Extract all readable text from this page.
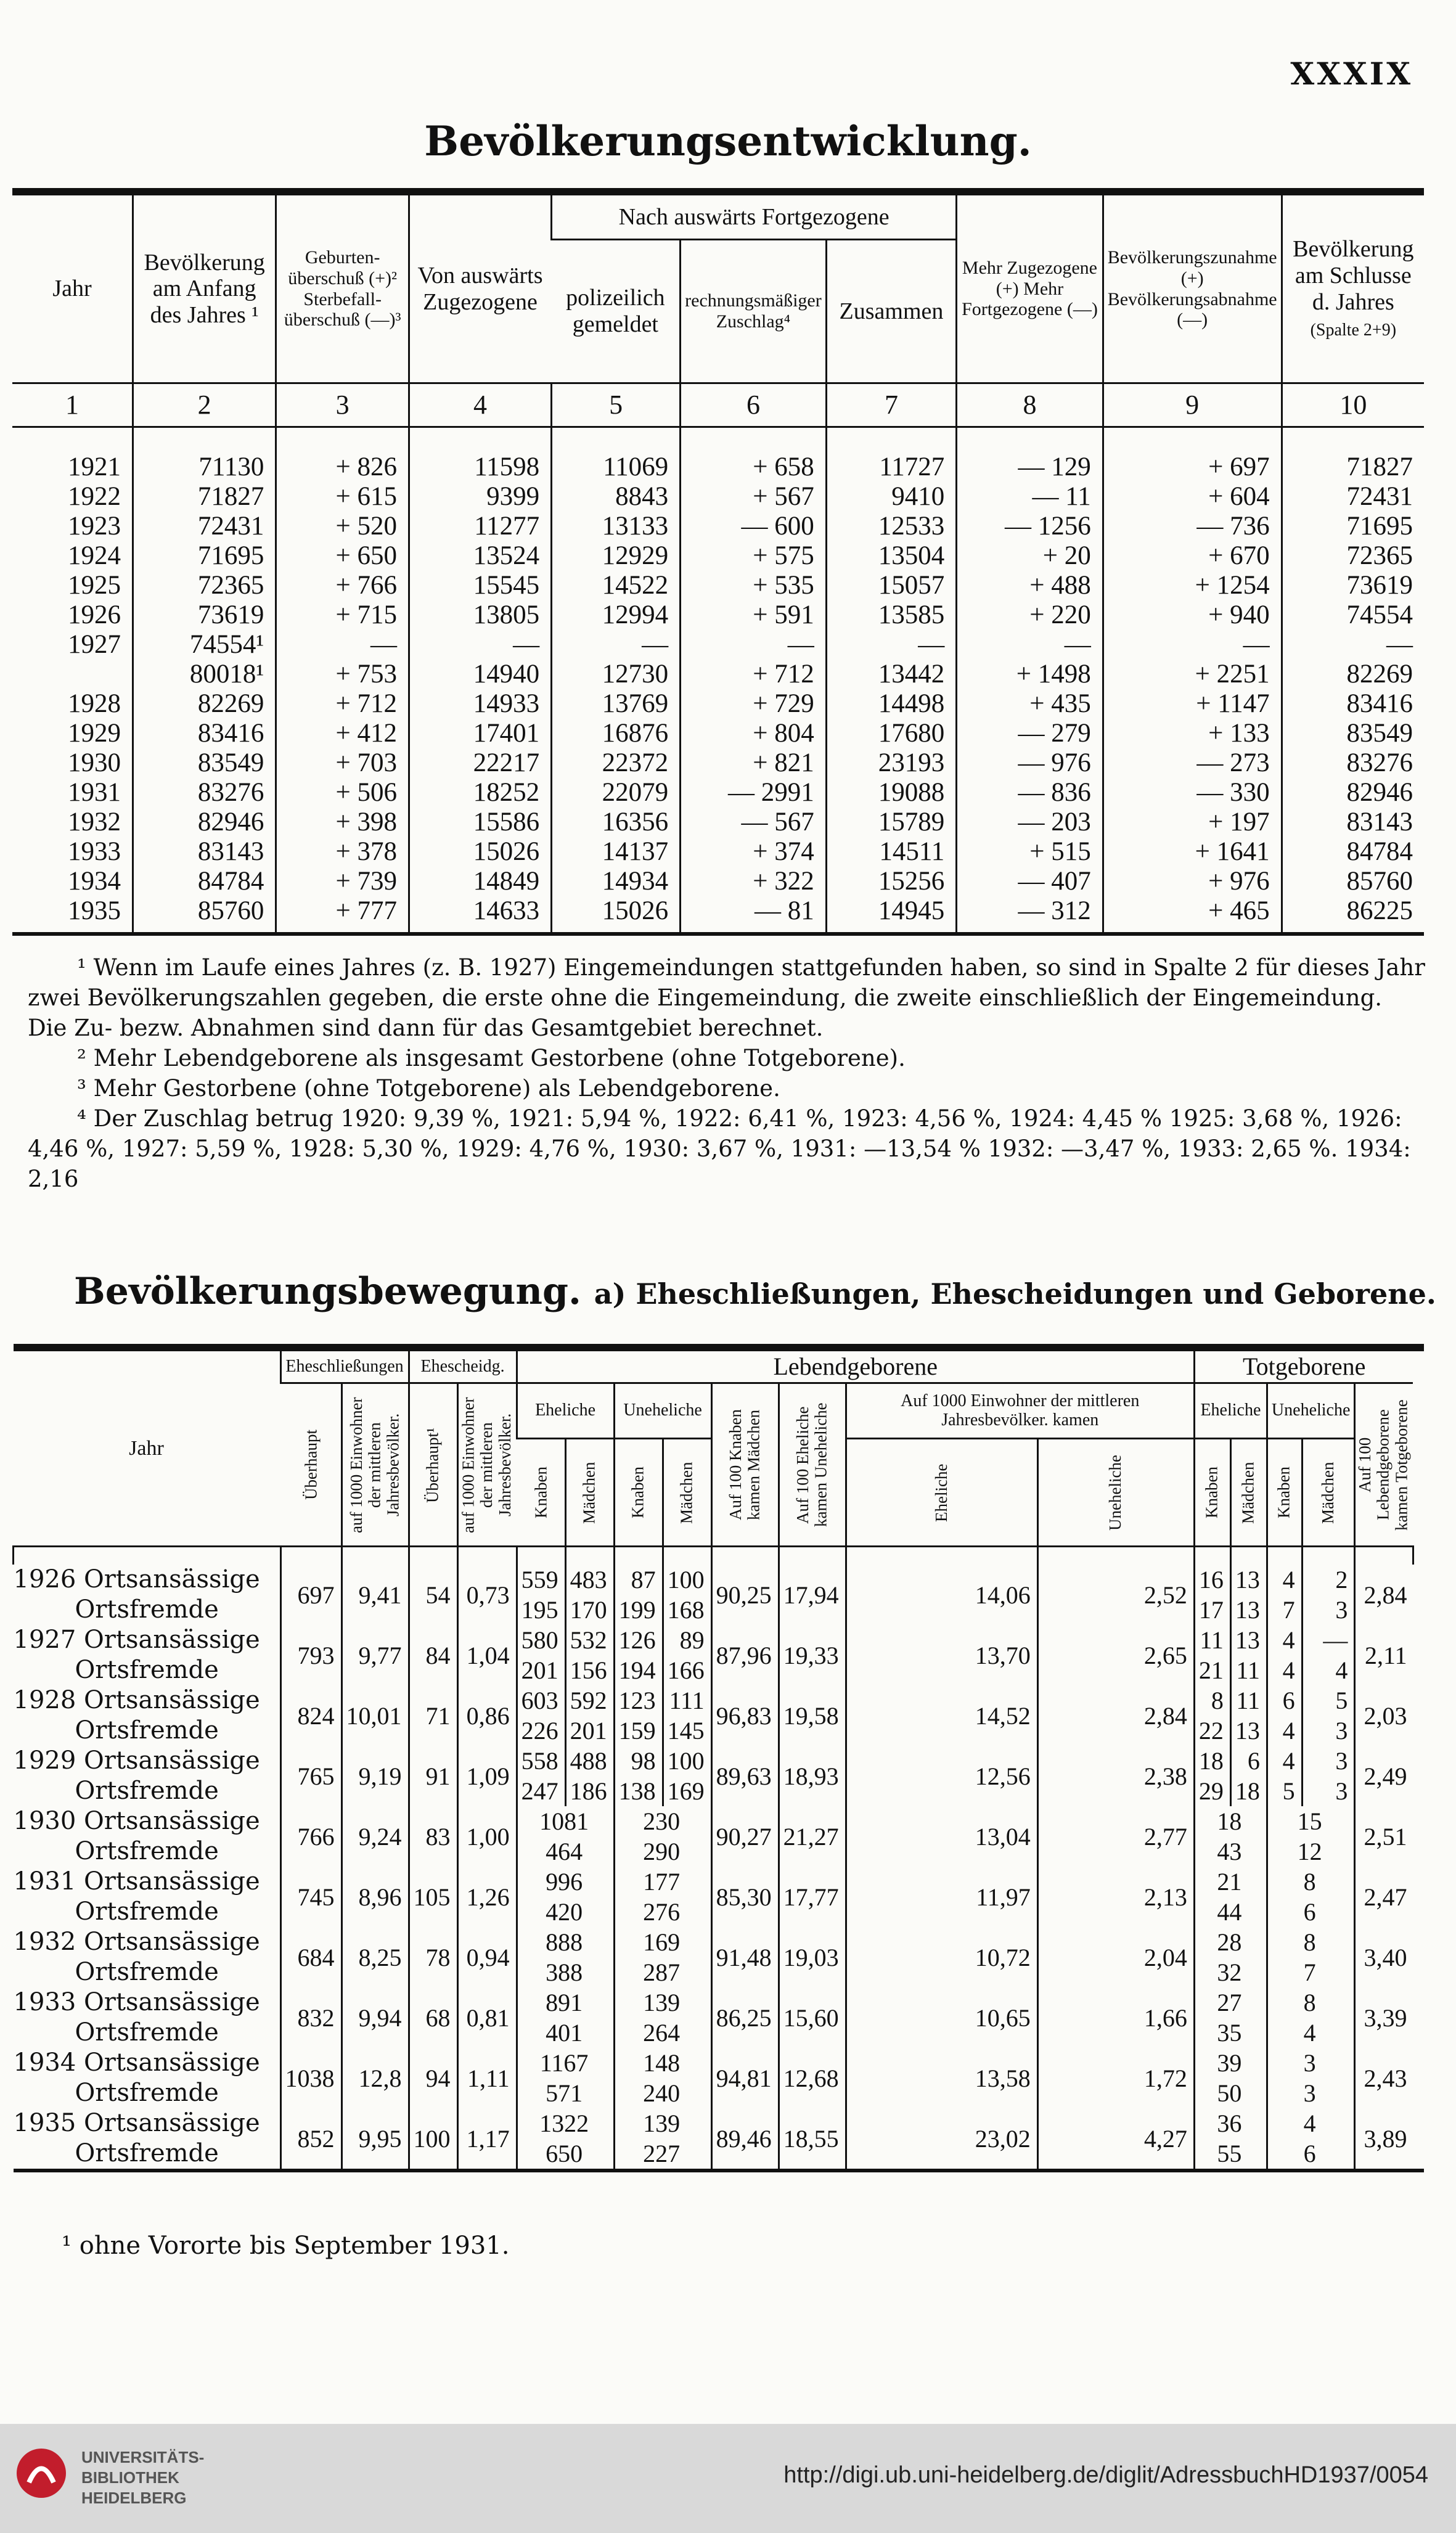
XXXIX
Bevölkerungsentwicklung.
Jahr	Bevölkerung am Anfang des Jahres ¹	Geburten-überschuß (+)² Sterbefall-überschuß (—)³	Von auswärts Zugezogene	Nach auswärts Fortgezogene			Mehr Zugezogene (+) Mehr Fortgezogene (—)	Bevölkerungszunahme (+) Bevölkerungsabnahme (—)	Bevölkerung am Schlusse d. Jahres
(Spalte 2+9)
				polizeilich gemeldet	rechnungsmäßiger Zuschlag⁴	Zusammen			
1	2	3	4	5	6	7	8	9	10

1921	71130	+ 826	11598	11069	+ 658	11727	— 129	+ 697	71827
1922	71827	+ 615	9399	8843	+ 567	9410	— 11	+ 604	72431
1923	72431	+ 520	11277	13133	— 600	12533	— 1256	— 736	71695
1924	71695	+ 650	13524	12929	+ 575	13504	+ 20	+ 670	72365
1925	72365	+ 766	15545	14522	+ 535	15057	+ 488	+ 1254	73619
1926	73619	+ 715	13805	12994	+ 591	13585	+ 220	+ 940	74554
1927	74554¹	—	—	—	—	—	—	—	—
	80018¹	+ 753	14940	12730	+ 712	13442	+ 1498	+ 2251	82269
1928	82269	+ 712	14933	13769	+ 729	14498	+ 435	+ 1147	83416
1929	83416	+ 412	17401	16876	+ 804	17680	— 279	+ 133	83549
1930	83549	+ 703	22217	22372	+ 821	23193	— 976	— 273	83276
1931	83276	+ 506	18252	22079	— 2991	19088	— 836	— 330	82946
1932	82946	+ 398	15586	16356	— 567	15789	— 203	+ 197	83143
1933	83143	+ 378	15026	14137	+ 374	14511	+ 515	+ 1641	84784
1934	84784	+ 739	14849	14934	+ 322	15256	— 407	+ 976	85760
1935	85760	+ 777	14633	15026	— 81	14945	— 312	+ 465	86225

¹ Wenn im Laufe eines Jahres (z. B. 1927) Eingemeindungen stattgefunden haben, so sind in Spalte 2 für dieses Jahr zwei Bevölkerungszahlen gegeben, die erste ohne die Eingemeindung, die zweite einschließlich der Eingemeindung. Die Zu- bezw. Abnahmen sind dann für das Gesamtgebiet berechnet.

² Mehr Lebendgeborene als insgesamt Gestorbene (ohne Totgeborene).

³ Mehr Gestorbene (ohne Totgeborene) als Lebendgeborene.

⁴ Der Zuschlag betrug 1920: 9,39 %, 1921: 5,94 %, 1922: 6,41 %, 1923: 4,56 %, 1924: 4,45 % 1925: 3,68 %, 1926: 4,46 %, 1927: 5,59 %, 1928: 5,30 %, 1929: 4,76 %, 1930: 3,67 %, 1931: —13,54 % 1932: —3,47 %, 1933: 2,65 %. 1934: 2,16

Bevölkerungsbewegung. a) Eheschließungen, Ehescheidungen und Geborene.
Jahr	Eheschließungen		Ehescheidg.		Lebendgeborene								Totgeborene					
	Überhaupt	auf 1000 Einwohner der mittleren Jahresbevölker.	Überhaupt¹	auf 1000 Einwohner der mittleren Jahresbevölker.	Eheliche		Uneheliche		Auf 100 Knaben kamen Mädchen	Auf 100 Eheliche kamen Uneheliche	Auf 1000 Einwohner der mittleren Jahresbevölker. kamen		Eheliche		Uneheliche		Auf 100 Lebendgeborene kamen Totgeborene	
					Knaben	Mädchen	Knaben	Mädchen			Eheliche	Uneheliche	Knaben	Mädchen	Knaben	Mädchen		

1926 Ortsansässige	697	9,41	54	0,73	559	483	87	100	90,25	17,94	14,06	2,52	16	13	4	2	2,84	
Ortsfremde					195	170	199	168					17	13	7	3		
1927 Ortsansässige	793	9,77	84	1,04	580	532	126	89	87,96	19,33	13,70	2,65	11	13	4	—	2,11	
Ortsfremde					201	156	194	166					21	11	4	4		
1928 Ortsansässige	824	10,01	71	0,86	603	592	123	111	96,83	19,58	14,52	2,84	8	11	6	5	2,03	
Ortsfremde					226	201	159	145					22	13	4	3		
1929 Ortsansässige	765	9,19	91	1,09	558	488	98	100	89,63	18,93	12,56	2,38	18	6	4	3	2,49	
Ortsfremde					247	186	138	169					29	18	5	3		
1930 Ortsansässige	766	9,24	83	1,00	1081		230		90,27	21,27	13,04	2,77	18		15		2,51	
Ortsfremde					464		290						43		12			
1931 Ortsansässige	745	8,96	105	1,26	996		177		85,30	17,77	11,97	2,13	21		8		2,47	
Ortsfremde					420		276						44		6			
1932 Ortsansässige	684	8,25	78	0,94	888		169		91,48	19,03	10,72	2,04	28		8		3,40	
Ortsfremde					388		287						32		7			
1933 Ortsansässige	832	9,94	68	0,81	891		139		86,25	15,60	10,65	1,66	27		8		3,39	
Ortsfremde					401		264						35		4			
1934 Ortsansässige	1038	12,8	94	1,11	1167		148		94,81	12,68	13,58	1,72	39		3		2,43	
Ortsfremde					571		240						50		3			
1935 Ortsansässige	852	9,95	100	1,17	1322		139		89,46	18,55	23,02	4,27	36		4		3,89	
Ortsfremde					650		227						55		6			
¹ ohne Vororte bis September 1931.
UNIVERSITÄTS-
BIBLIOTHEK
HEIDELBERG
http://digi.ub.uni-heidelberg.de/diglit/AdressbuchHD1937/0054
